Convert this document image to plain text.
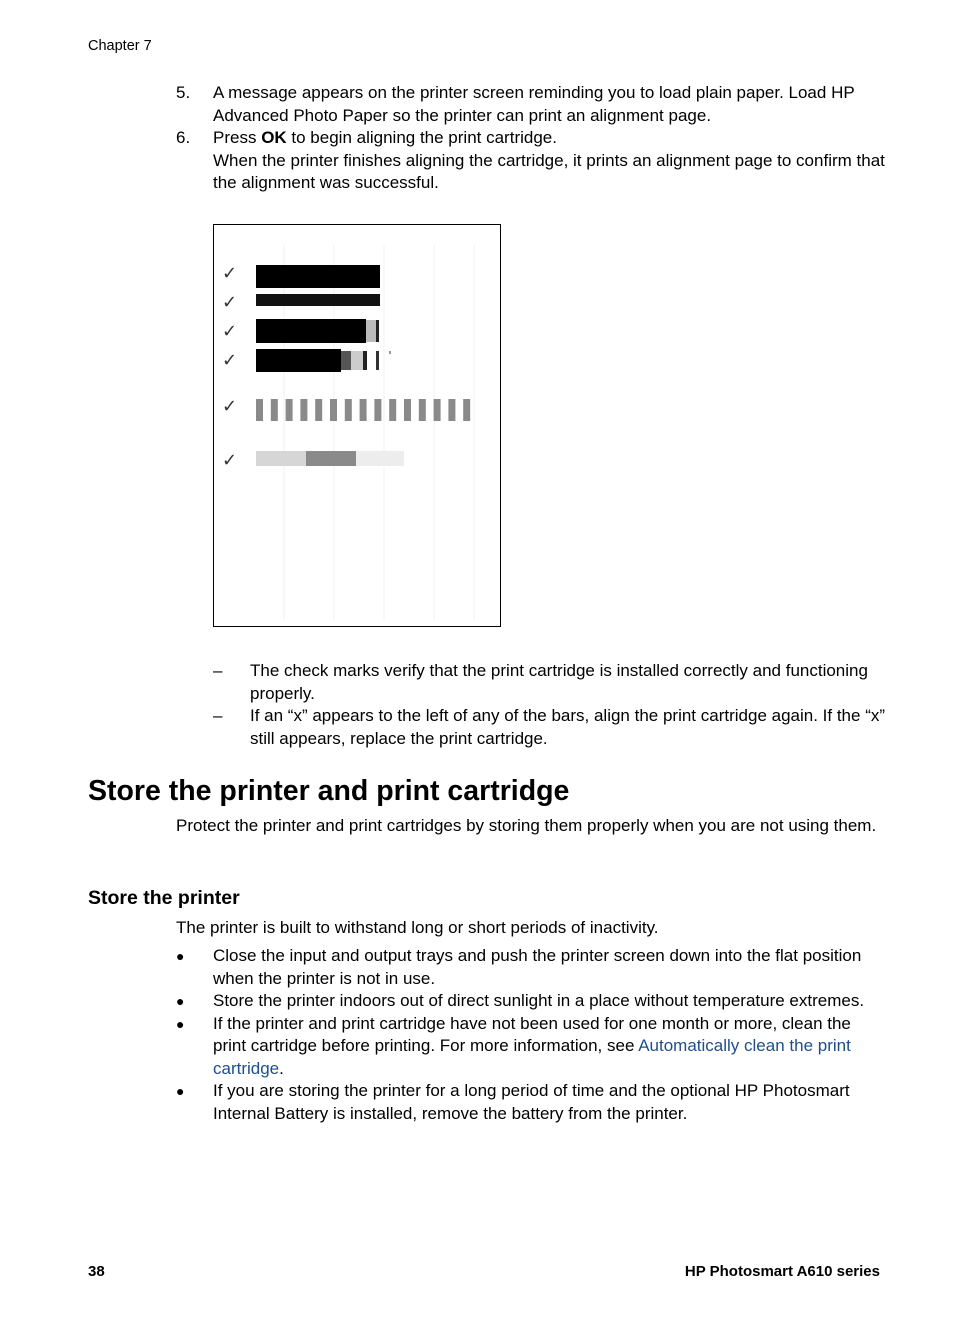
Chapter 7
5. A message appears on the printer screen reminding you to load plain paper. Load HP Advanced Photo Paper so the printer can print an alignment page.
6. Press OK to begin aligning the print cartridge.
When the printer finishes aligning the cartridge, it prints an alignment page to confirm that the alignment was successful.
✓
✓
✓
✓
✓
✓
– The check marks verify that the print cartridge is installed correctly and functioning properly.
– If an “x” appears to the left of any of the bars, align the print cartridge again. If the “x” still appears, replace the print cartridge.
Store the printer and print cartridge

Protect the printer and print cartridges by storing them properly when you are not using them.

Store the printer

The printer is built to withstand long or short periods of inactivity.

● Close the input and output trays and push the printer screen down into the flat position when the printer is not in use.
● Store the printer indoors out of direct sunlight in a place without temperature extremes.
● If the printer and print cartridge have not been used for one month or more, clean the print cartridge before printing. For more information, see Automatically clean the print cartridge.
● If you are storing the printer for a long period of time and the optional HP Photosmart Internal Battery is installed, remove the battery from the printer.
38	HP Photosmart A610 series
